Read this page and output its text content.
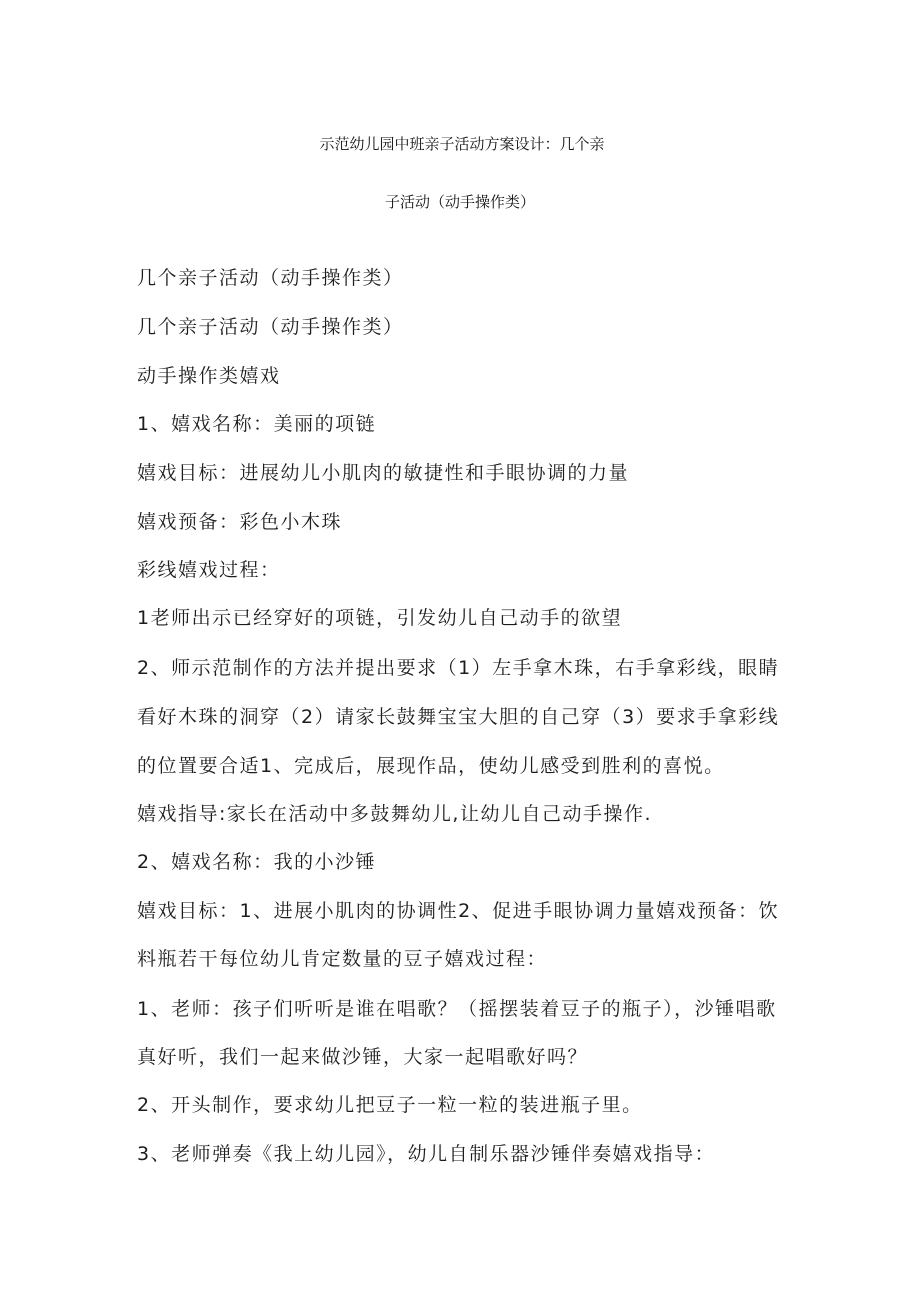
示范幼儿园中班亲子活动方案设计：几个亲
子活动（动手操作类）
几个亲子活动（动手操作类）
几个亲子活动（动手操作类）
动手操作类嬉戏
1、嬉戏名称：美丽的项链
嬉戏目标：进展幼儿小肌肉的敏捷性和手眼协调的力量
嬉戏预备：彩色小木珠
彩线嬉戏过程：
1老师出示已经穿好的项链，引发幼儿自己动手的欲望
2、师示范制作的方法并提出要求（1）左手拿木珠，右手拿彩线，眼睛
看好木珠的洞穿（2）请家长鼓舞宝宝大胆的自己穿（3）要求手拿彩线
的位置要合适1、完成后，展现作品，使幼儿感受到胜利的喜悦。
嬉戏指导:家长在活动中多鼓舞幼儿,让幼儿自己动手操作.
2、嬉戏名称：我的小沙锤
嬉戏目标：1、进展小肌肉的协调性2、促进手眼协调力量嬉戏预备：饮
料瓶若干每位幼儿肯定数量的豆子嬉戏过程：
1、老师：孩子们听听是谁在唱歌？（摇摆装着豆子的瓶子），沙锤唱歌
真好听，我们一起来做沙锤，大家一起唱歌好吗？
2、开头制作，要求幼儿把豆子一粒一粒的装进瓶子里。
3、老师弹奏《我上幼儿园》，幼儿自制乐器沙锤伴奏嬉戏指导：
